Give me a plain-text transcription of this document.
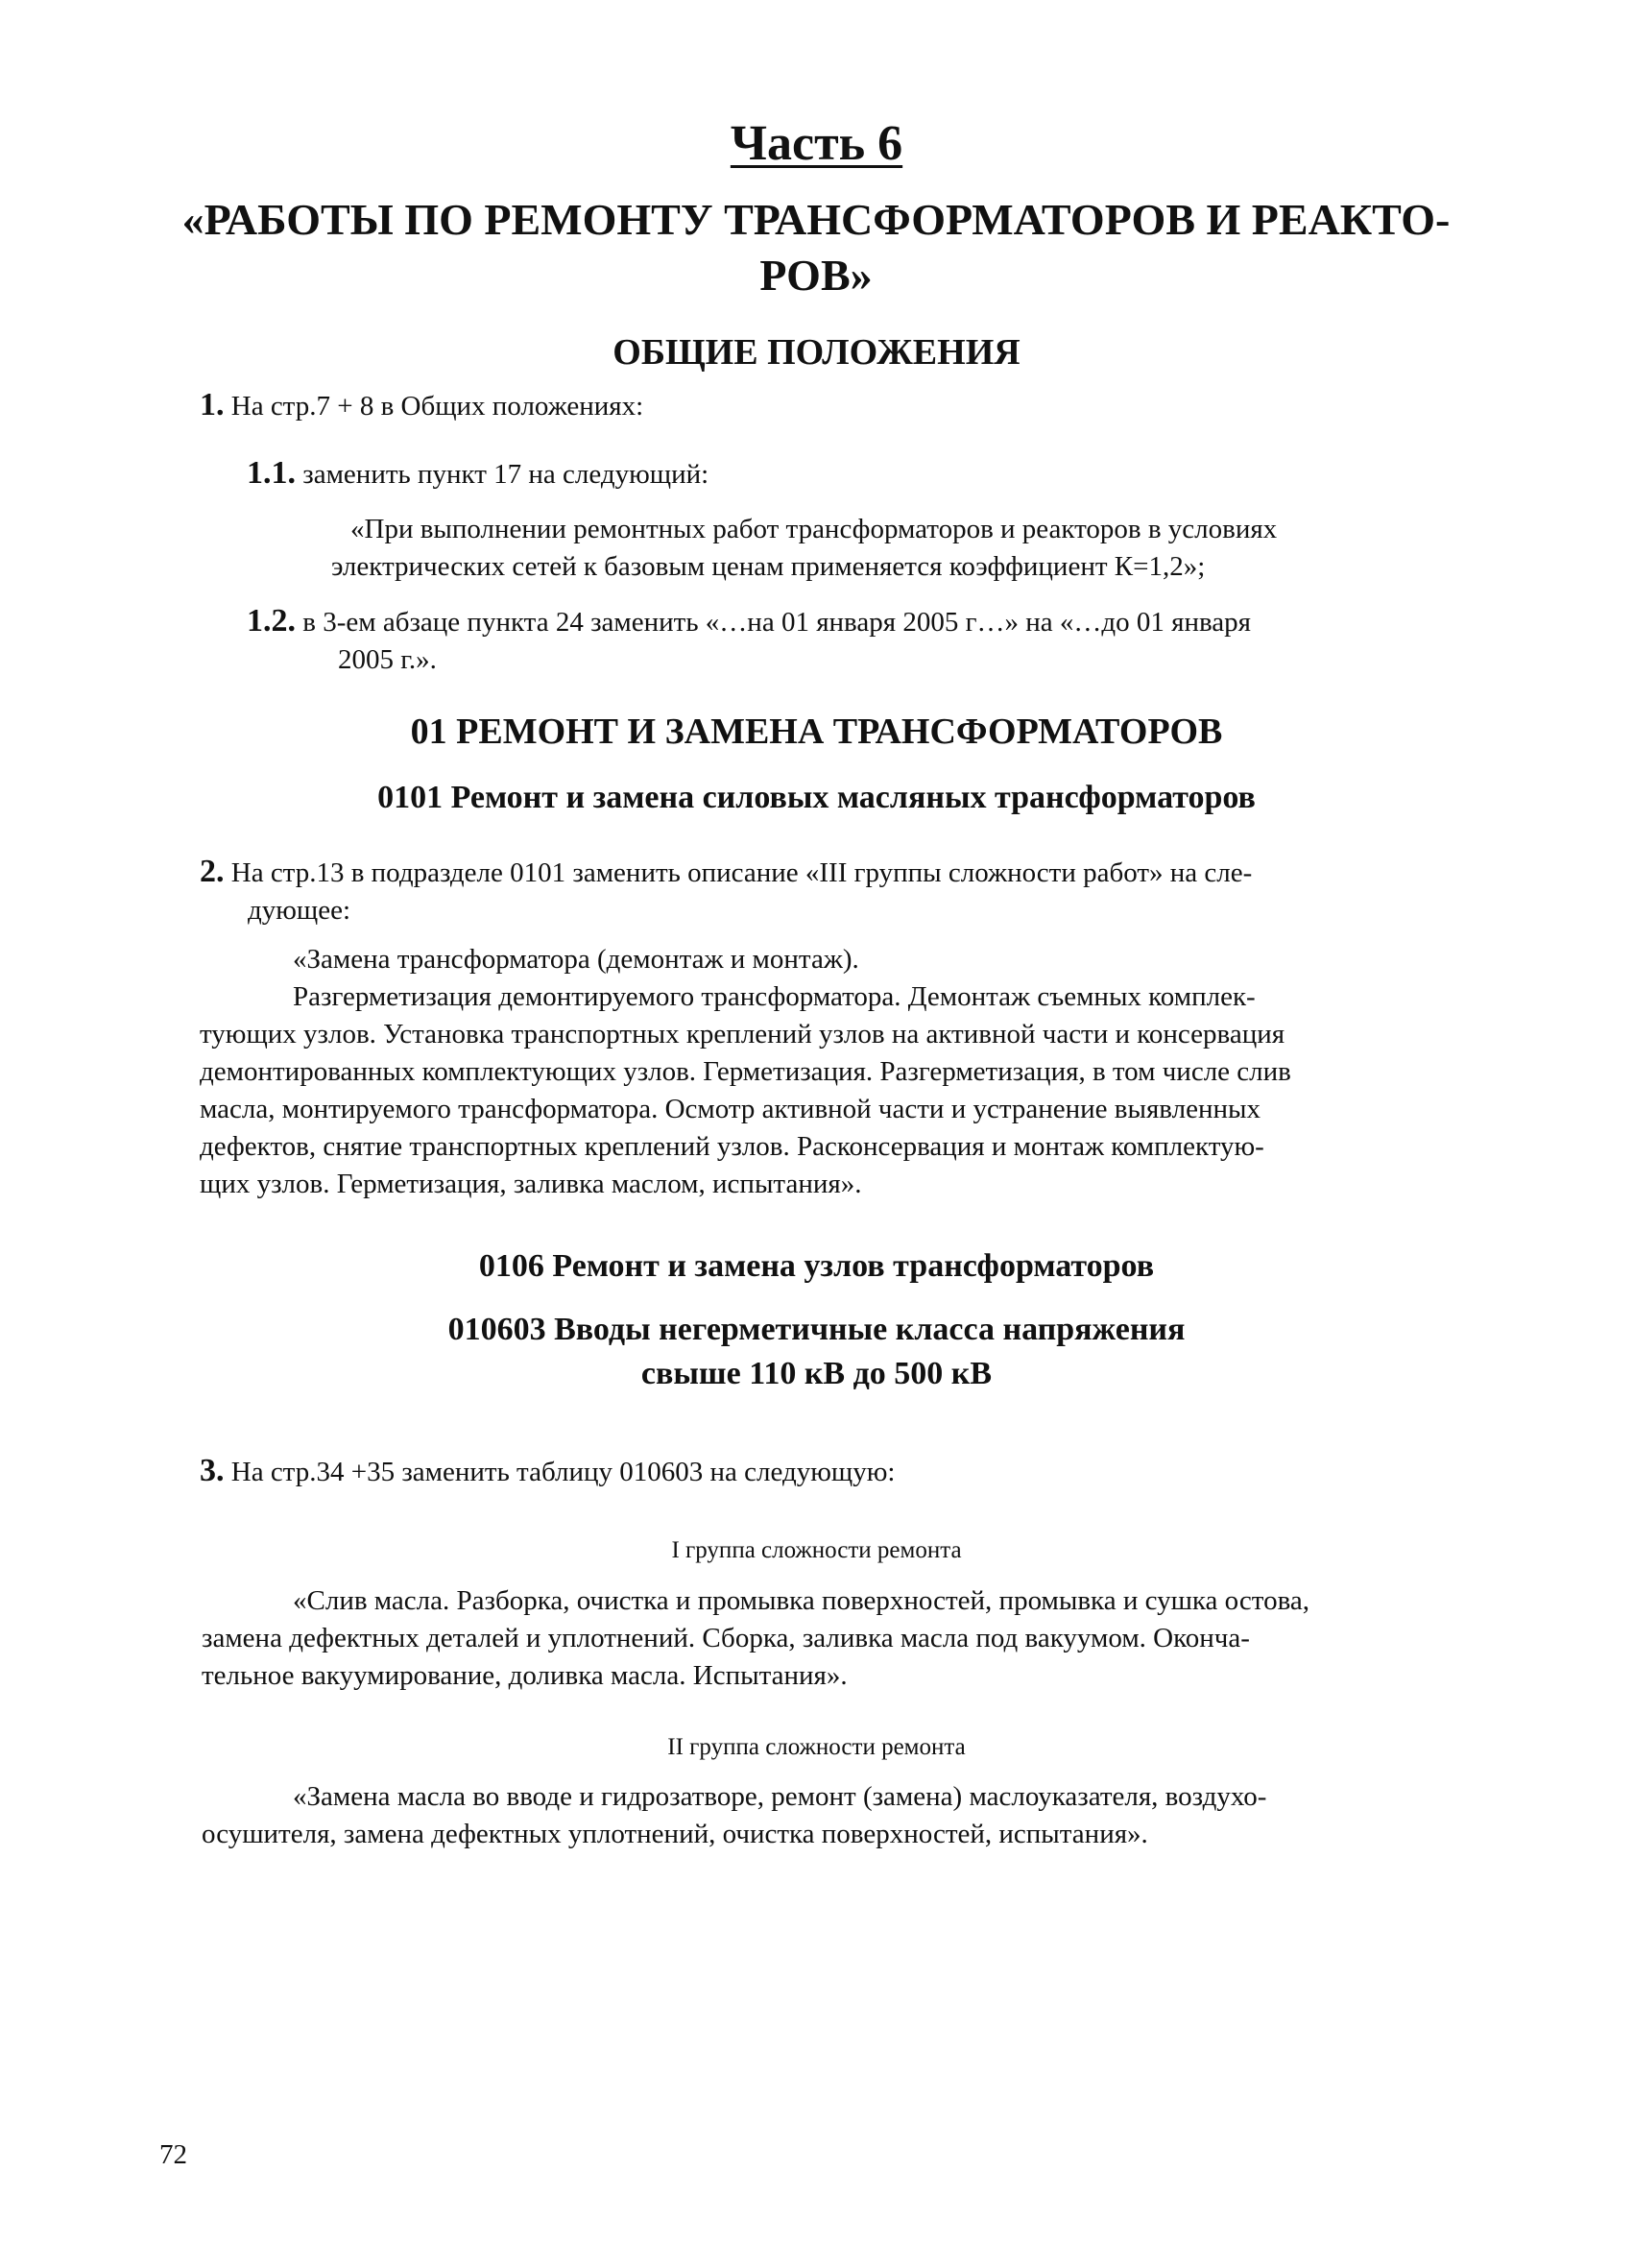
Часть 6
«РАБОТЫ ПО РЕМОНТУ ТРАНСФОРМАТОРОВ И РЕАКТО-
РОВ»
ОБЩИЕ ПОЛОЖЕНИЯ
1. На стр.7 + 8 в Общих положениях:
1.1. заменить пункт 17 на следующий:
«При выполнении ремонтных работ трансформаторов и реакторов в условиях
электрических сетей к базовым ценам применяется коэффициент К=1,2»;
1.2. в 3-ем абзаце пункта 24 заменить «…на 01 января 2005 г…» на «…до 01 января
2005 г.».
01 РЕМОНТ И ЗАМЕНА ТРАНСФОРМАТОРОВ
0101 Ремонт и замена силовых масляных трансформаторов
2. На стр.13 в подразделе 0101 заменить описание «III группы сложности работ» на сле-
дующее:
«Замена трансформатора (демонтаж и монтаж).
Разгерметизация демонтируемого трансформатора. Демонтаж съемных комплек-
тующих узлов. Установка транспортных креплений узлов на активной части и консервация
демонтированных комплектующих узлов. Герметизация. Разгерметизация, в том числе слив
масла, монтируемого трансформатора. Осмотр активной части и устранение выявленных
дефектов, снятие транспортных креплений узлов. Расконсервация и монтаж комплектую-
щих узлов. Герметизация, заливка маслом, испытания».
0106 Ремонт и замена узлов трансформаторов
010603 Вводы негерметичные класса напряжения
свыше 110 кВ до 500 кВ
3. На стр.34 +35 заменить таблицу 010603 на следующую:
I группа сложности ремонта
«Слив масла. Разборка, очистка и промывка поверхностей, промывка и сушка остова,
замена дефектных деталей и уплотнений. Сборка, заливка масла под вакуумом. Оконча-
тельное вакуумирование, доливка масла. Испытания».
II группа сложности ремонта
«Замена масла во вводе и гидрозатворе, ремонт (замена) маслоуказателя, воздухо-
осушителя, замена дефектных уплотнений, очистка поверхностей, испытания».
72
